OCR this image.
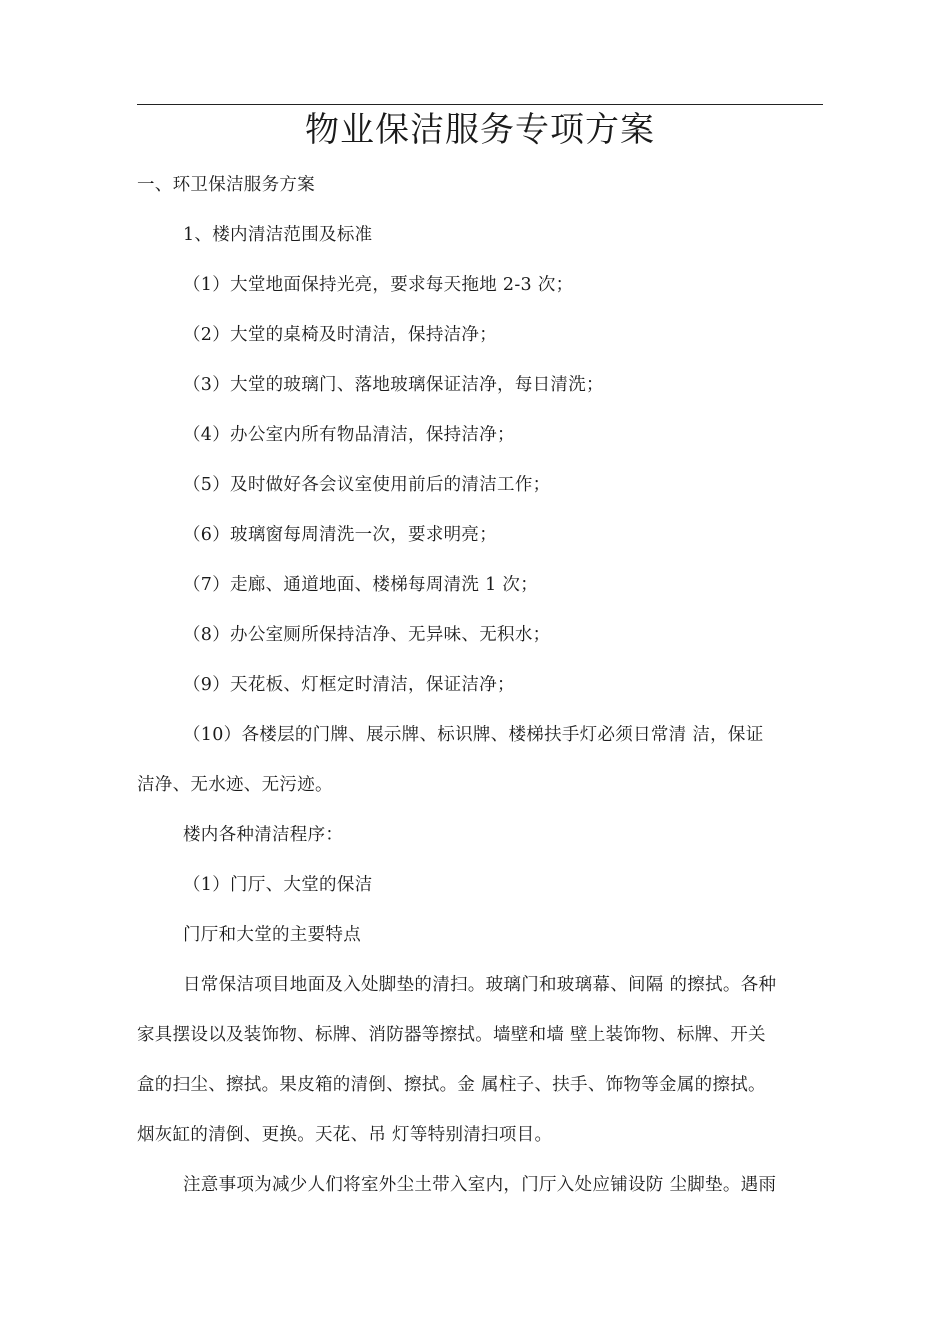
物业保洁服务专项方案
一、环卫保洁服务方案
1、楼内清洁范围及标准
（1）大堂地面保持光亮，要求每天拖地 2-3 次；
（2）大堂的桌椅及时清洁，保持洁净；
（3）大堂的玻璃门、落地玻璃保证洁净，每日清洗；
（4）办公室内所有物品清洁，保持洁净；
（5）及时做好各会议室使用前后的清洁工作；
（6）玻璃窗每周清洗一次，要求明亮；
（7）走廊、通道地面、楼梯每周清洗 1 次；
（8）办公室厕所保持洁净、无异味、无积水；
（9）天花板、灯框定时清洁，保证洁净；
（10）各楼层的门牌、展示牌、标识牌、楼梯扶手灯必须日常清 洁，保证
洁净、无水迹、无污迹。
楼内各种清洁程序：
（1）门厅、大堂的保洁
门厅和大堂的主要特点
日常保洁项目地面及入处脚垫的清扫。玻璃门和玻璃幕、间隔 的擦拭。各种
家具摆设以及装饰物、标牌、消防器等擦拭。墙壁和墙 壁上装饰物、标牌、开关
盒的扫尘、擦拭。果皮箱的清倒、擦拭。金 属柱子、扶手、饰物等金属的擦拭。
烟灰缸的清倒、更换。天花、吊 灯等特别清扫项目。
注意事项为减少人们将室外尘土带入室内，门厅入处应铺设防 尘脚垫。遇雨
